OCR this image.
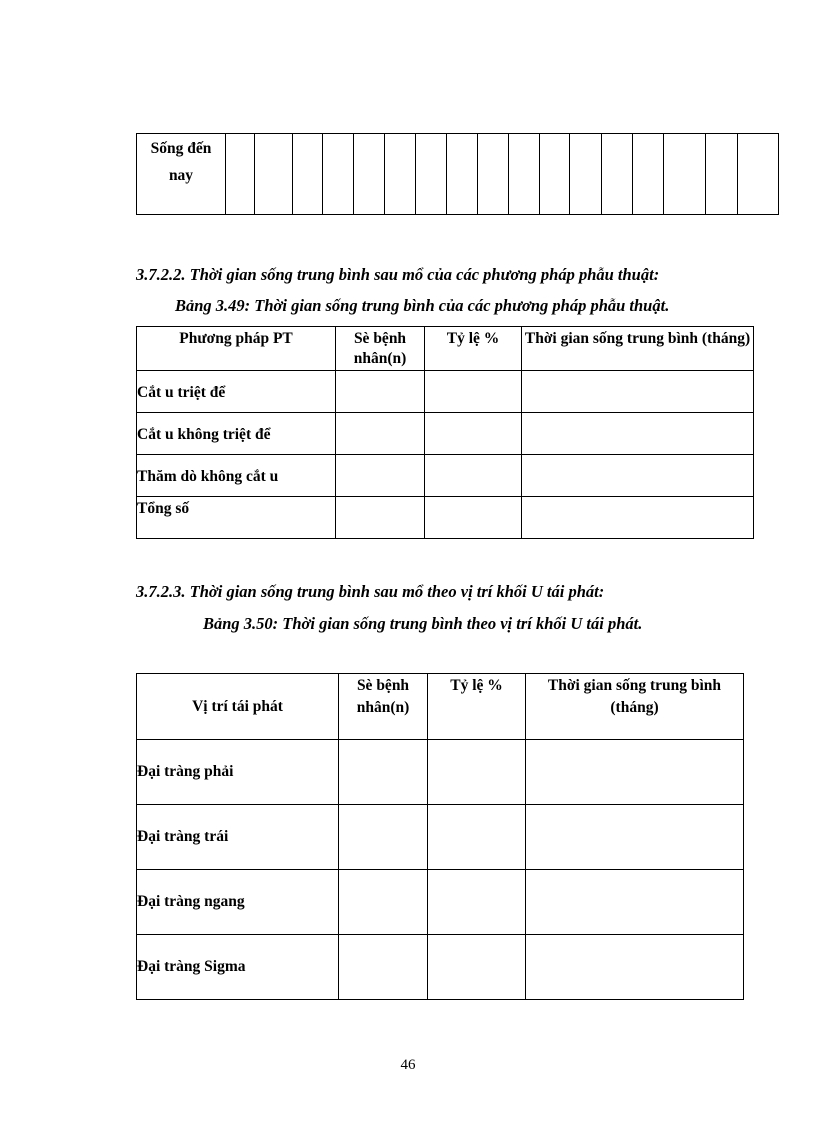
Sống đến nay																	
3.7.2.2. Thời gian sống trung bình sau mổ của các phương pháp phẫu thuật:
Bảng 3.49: Thời gian sống trung bình của các phương pháp phẫu thuật.
Phương pháp PT	Sè bệnh nhân(n)	Tỷ lệ %	Thời gian sống trung bình (tháng)
Cắt u triệt để			
Cắt u không triệt để			
Thăm dò không cắt u			
Tổng số			
3.7.2.3. Thời gian sống trung bình sau mổ theo vị trí khối U tái phát:
Bảng 3.50: Thời gian sống trung bình theo vị trí khối U tái phát.
Vị trí tái phát	Sè bệnh nhân(n)	Tỷ lệ %	Thời gian sống trung bình (tháng)
Đại tràng phải			
Đại tràng trái			
Đại tràng ngang			
Đại tràng Sigma			
46
